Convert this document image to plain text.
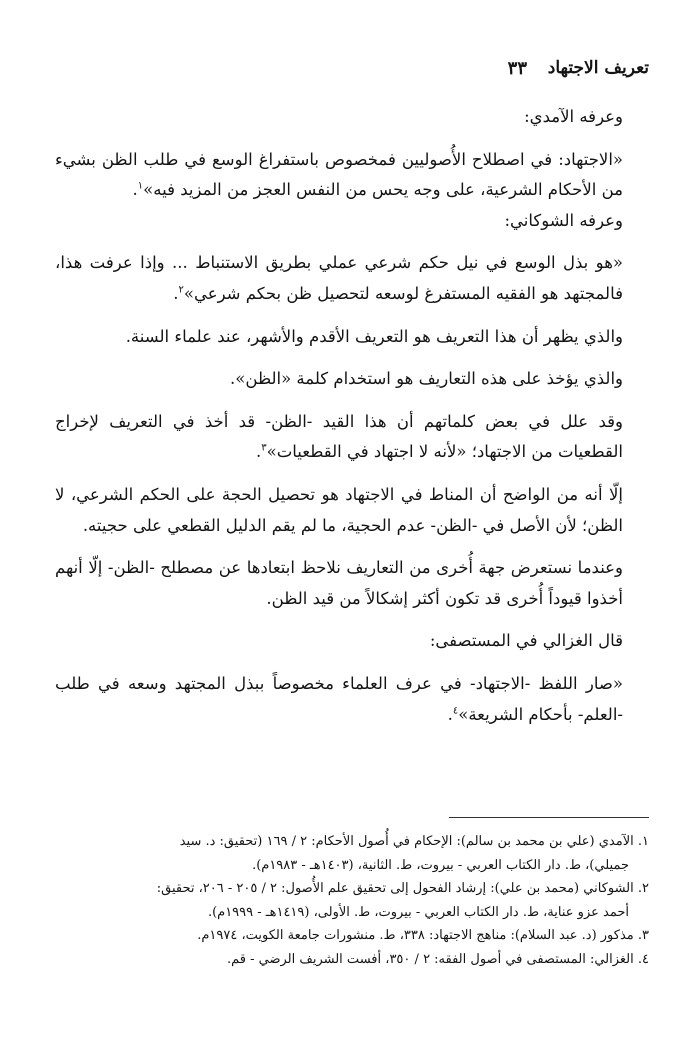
تعريف الاجتهاد
٣٣

وعرفه الآمدي:

«الاجتهاد: في اصطلاح الأُصوليين فمخصوص باستفراغ الوسع في طلب الظن بشيء من الأحكام الشرعية، على وجه يحس من النفس العجز من المزيد فيه»$^١$.

وعرفه الشوكاني:

«هو بذل الوسع في نيل حكم شرعي عملي بطريق الاستنباط ... وإذا عرفت هذا، فالمجتهد هو الفقيه المستفرغ لوسعه لتحصيل ظن بحكم شرعي»$^٢$.

والذي يظهر أن هذا التعريف هو التعريف الأقدم والأشهر، عند علماء السنة.

والذي يؤخذ على هذه التعاريف هو استخدام كلمة «الظن».

وقد علل في بعض كلماتهم أن هذا القيد -الظن- قد أخذ في التعريف لإخراج القطعيات من الاجتهاد؛ «لأنه لا اجتهاد في القطعيات»$^٣$.

إلّا أنه من الواضح أن المناط في الاجتهاد هو تحصيل الحجة على الحكم الشرعي، لا الظن؛ لأن الأصل في -الظن- عدم الحجية، ما لم يقم الدليل القطعي على حجيته.

وعندما نستعرض جهة أُخرى من التعاريف نلاحظ ابتعادها عن مصطلح -الظن- إلّا أنهم أخذوا قيوداً أُخرى قد تكون أكثر إشكالاً من قيد الظن.

قال الغزالي في المستصفى:

«صار اللفظ -الاجتهاد- في عرف العلماء مخصوصاً ببذل المجتهد وسعه في طلب -العلم- بأحكام الشريعة»$^٤$.

١. الآمدي (علي بن محمد بن سالم): الإحكام في أُصول الأحكام: ٢ / ١٦٩ (تحقيق: د. سيد

جميلي)، ط. دار الكتاب العربي - بيروت، ط. الثانية، (١٤٠٣هـ - ١٩٨٣م).

٢. الشوكاني (محمد بن علي): إرشاد الفحول إلى تحقيق علم الأُصول: ٢ / ٢٠٥ - ٢٠٦، تحقيق:

أحمد عزو عناية، ط. دار الكتاب العربي - بيروت، ط. الأولى، (١٤١٩هـ - ١٩٩٩م).

٣. مذكور (د. عبد السلام): مناهج الاجتهاد: ٣٣٨، ط. منشورات جامعة الكويت، ١٩٧٤م.

٤. الغزالي: المستصفى في أصول الفقه: ٢ / ٣٥٠، أفست الشريف الرضي - قم.
